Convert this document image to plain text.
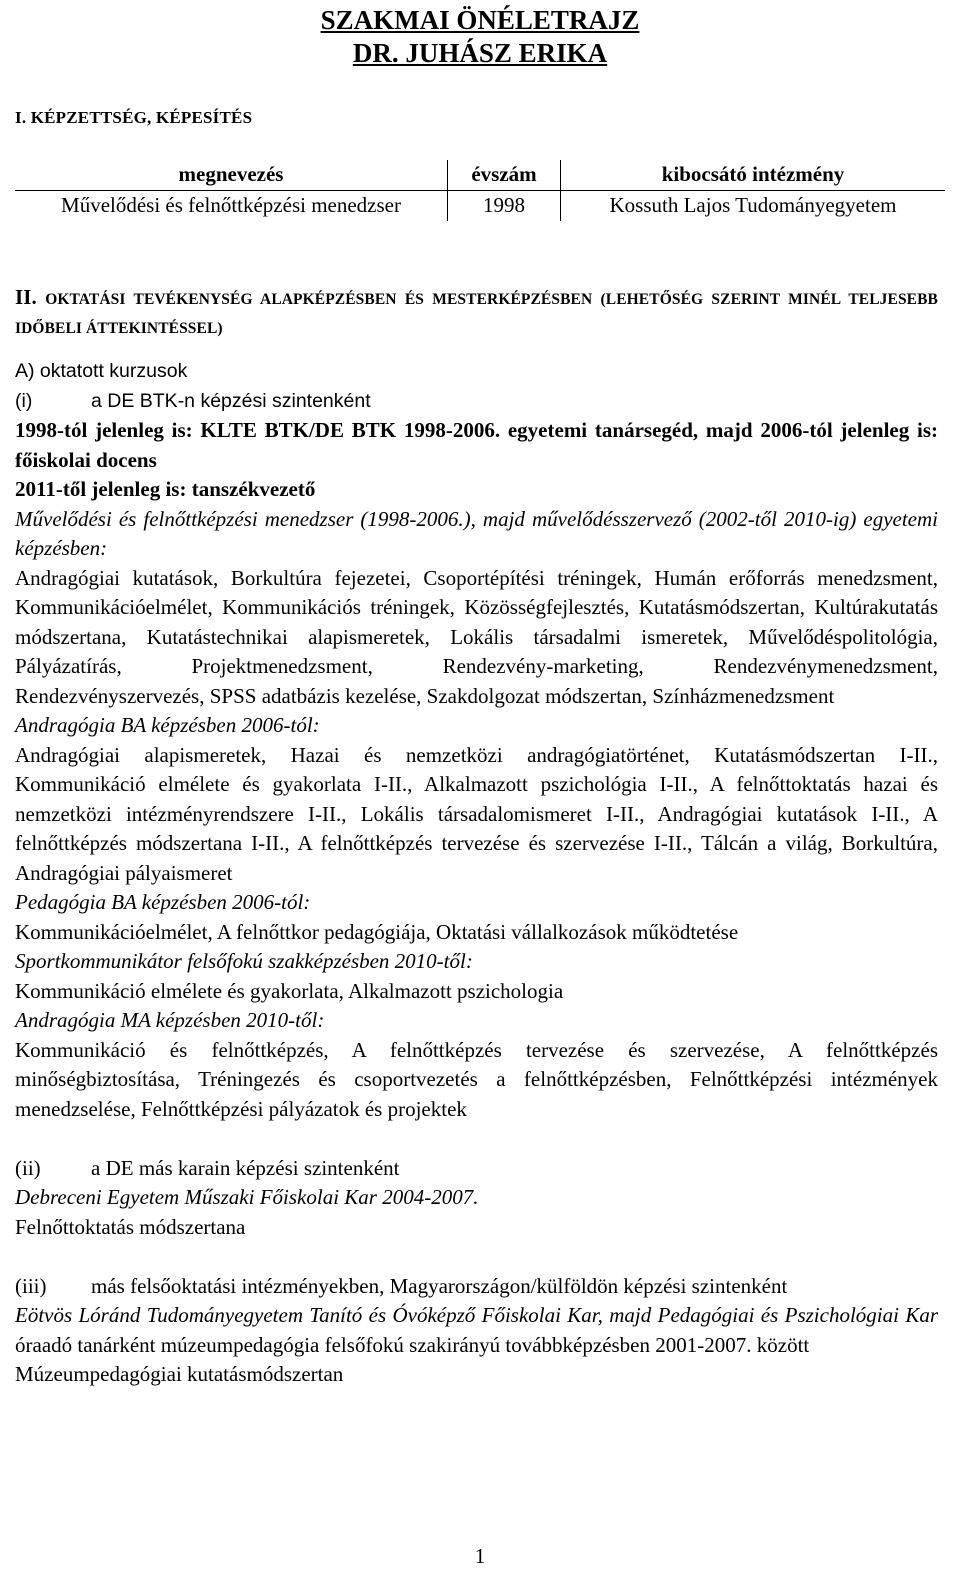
SZAKMAI ÖNÉLETRAJZ
DR. JUHÁSZ ERIKA
I. KÉPZETTSÉG, KÉPESÍTÉS
megnevezés	évszám	kibocsátó intézmény
Művelődési és felnőttképzési menedzser	1998	Kossuth Lajos Tudományegyetem
II. OKTATÁSI TEVÉKENYSÉG ALAPKÉPZÉSBEN ÉS MESTERKÉPZÉSBEN (LEHETŐSÉG SZERINT MINÉL TELJESEBB IDŐBELI ÁTTEKINTÉSSEL)
A) oktatott kurzusok
(i)	a DE BTK-n képzési szintenként
1998-tól jelenleg is: KLTE BTK/DE BTK 1998-2006. egyetemi tanársegéd, majd 2006-tól jelenleg is: főiskolai docens
2011-től jelenleg is: tanszékvezető
Művelődési és felnőttképzési menedzser (1998-2006.), majd művelődésszervező (2002-től 2010-ig) egyetemi képzésben:
Andragógiai kutatások, Borkultúra fejezetei, Csoportépítési tréningek, Humán erőforrás menedzsment, Kommunikációelmélet, Kommunikációs tréningek, Közösségfejlesztés, Kutatásmódszertan, Kultúrakutatás módszertana, Kutatástechnikai alapismeretek, Lokális társadalmi ismeretek, Művelődéspolitológia, Pályázatírás, Projektmenedzsment, Rendezvény-marketing, Rendezvénymenedzsment, Rendezvényszervezés, SPSS adatbázis kezelése, Szakdolgozat módszertan, Színházmenedzsment
Andragógia BA képzésben 2006-tól:
Andragógiai alapismeretek, Hazai és nemzetközi andragógiatörténet, Kutatásmódszertan I-II., Kommunikáció elmélete és gyakorlata I-II., Alkalmazott pszichológia I-II., A felnőttoktatás hazai és nemzetközi intézményrendszere I-II., Lokális társadalomismeret I-II., Andragógiai kutatások I-II., A felnőttképzés módszertana I-II., A felnőttképzés tervezése és szervezése I-II., Tálcán a világ, Borkultúra, Andragógiai pályaismeret
Pedagógia BA képzésben 2006-tól:
Kommunikációelmélet, A felnőttkor pedagógiája, Oktatási vállalkozások működtetése
Sportkommunikátor felsőfokú szakképzésben 2010-től:
Kommunikáció elmélete és gyakorlata, Alkalmazott pszichologia
Andragógia MA képzésben 2010-től:
Kommunikáció és felnőttképzés, A felnőttképzés tervezése és szervezése, A felnőttképzés minőségbiztosítása, Tréningezés és csoportvezetés a felnőttképzésben, Felnőttképzési intézmények menedzselése, Felnőttképzési pályázatok és projektek
(ii)	a DE más karain képzési szintenként
Debreceni Egyetem Műszaki Főiskolai Kar 2004-2007.
Felnőttoktatás módszertana
(iii)	más felsőoktatási intézményekben, Magyarországon/külföldön képzési szintenként
Eötvös Lóránd Tudományegyetem Tanító és Óvóképző Főiskolai Kar, majd Pedagógiai és Pszichológiai Kar óraadó tanárként múzeumpedagógia felsőfokú szakirányú továbbképzésben 2001-2007. között
Múzeumpedagógiai kutatásmódszertan
1
